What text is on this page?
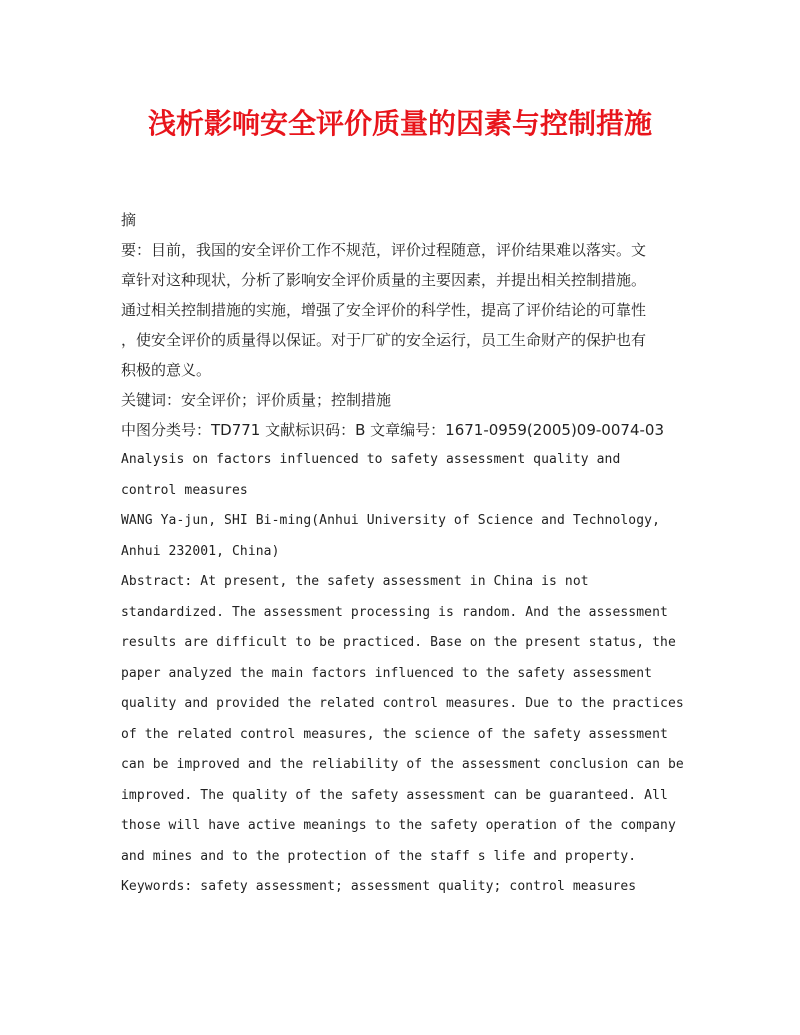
浅析影响安全评价质量的因素与控制措施
摘
要：目前，我国的安全评价工作不规范，评价过程随意，评价结果难以落实。文
章针对这种现状，分析了影响安全评价质量的主要因素，并提出相关控制措施。
通过相关控制措施的实施，增强了安全评价的科学性，提高了评价结论的可靠性
，使安全评价的质量得以保证。对于厂矿的安全运行，员工生命财产的保护也有
积极的意义。
关键词：安全评价；评价质量；控制措施
中图分类号：TD771 文献标识码：B 文章编号：1671-0959(2005)09-0074-03
Analysis on factors influenced to safety assessment quality and
control measures
WANG Ya-jun, SHI Bi-ming(Anhui University of Science and Technology,
Anhui 232001, China)
Abstract: At present, the safety assessment in China is not
standardized. The assessment processing is random. And the assessment
results are difficult to be practiced. Base on the present status, the
paper analyzed the main factors influenced to the safety assessment
quality and provided the related control measures. Due to the practices
of the related control measures, the science of the safety assessment
can be improved and the reliability of the assessment conclusion can be
improved. The quality of the safety assessment can be guaranteed. All
those will have active meanings to the safety operation of the company
and mines and to the protection of the staff s life and property.
Keywords: safety assessment; assessment quality; control measures
